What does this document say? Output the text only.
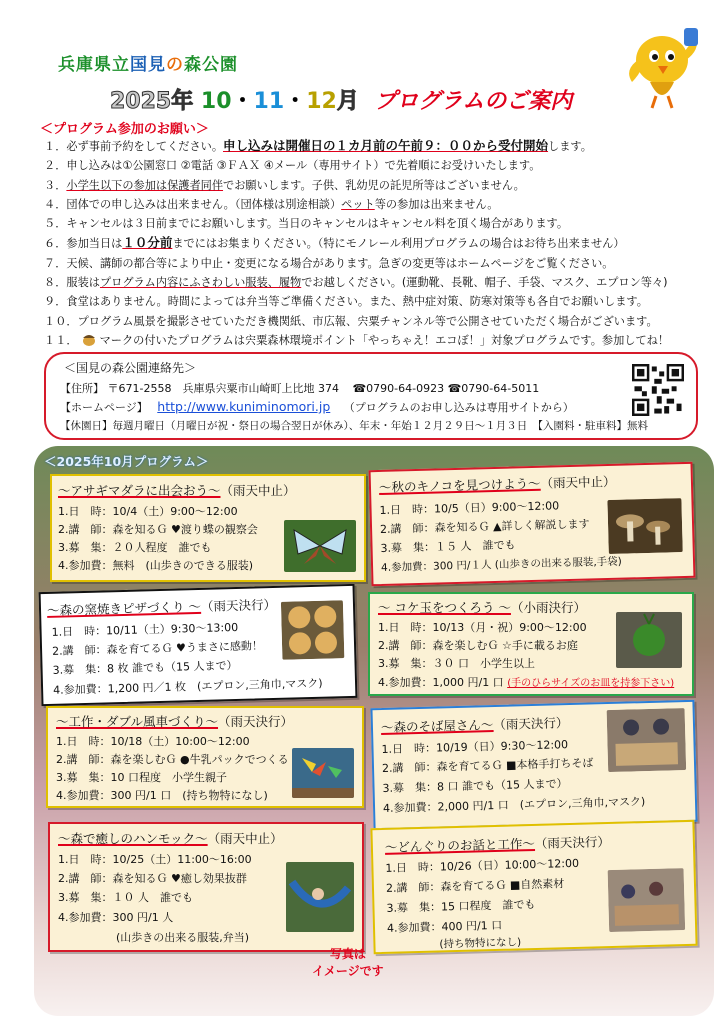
兵庫県立国見の森公園
2025年 10・11・12月 プログラムのご案内
＜プログラム参加のお願い＞
１．必ず事前予約をしてください。申し込みは開催日の１カ月前の午前９：００から受付開始します。
２．申し込みは①公園窓口 ②電話 ③ＦＡＸ ④メール（専用サイト）で先着順にお受けいたします。
３．小学生以下の参加は保護者同伴でお願いします。子供、乳幼児の託児所等はございません。
４．団体での申し込みは出来ません。（団体様は別途相談）ペット等の参加は出来ません。
５．キャンセルは３日前までにお願いします。当日のキャンセルはキャンセル料を頂く場合があります。
６．参加当日は１０分前までにはお集まりください。（特にモノレール利用プログラムの場合はお待ち出来ません）
７．天候、講師の都合等により中止・変更になる場合があります。急ぎの変更等はホームページをご覧ください。
８．服装はプログラム内容にふさわしい服装、履物でお越しください。(運動靴、長靴、帽子、手袋、マスク、エプロン等々)
９．食堂はありません。時間によっては弁当等ご準備ください。また、熱中症対策、防寒対策等も各自でお願いします。
１０．プログラム風景を撮影させていただき機関紙、市広報、宍粟チャンネル等で公開させていただく場合がございます。
１１． マークの付いたプログラムは宍粟森林環境ポイント「やっちゃえ！エコぼ！」対象プログラムです。参加してね！
＜国見の森公園連絡先＞
【住所】 〒671-2558　兵庫県宍粟市山崎町上比地 374 ☎0790-64-0923 ☎0790-64-5011
【ホームページ】 http://www.kuniminomori.jp （プログラムのお申し込みは専用サイトから）
【休園日】毎週月曜日（月曜日が祝・祭日の場合翌日が休み）、年末・年始１２月２９日～１月３日　【入園料・駐車料】無料
＜2025年10月プログラム＞
～アサギマダラに出会おう～（雨天中止）
1.日　時：10/4（土）9:00～12:00
2.講　師：森を知るＧ ♥渡り蝶の観察会
3.募　集：２０人程度　誰でも
4.参加費：無料　(山歩きのできる服装)
～秋のキノコを見つけよう～（雨天中止）
1.日　時：10/5（日）9:00～12:00
2.講　師：森を知るＧ ▲詳しく解説します
3.募　集：１５ 人　誰でも
4.参加費：300 円/１人 (山歩きの出来る服装,手袋)
～森の窯焼きピザづくり ～（雨天決行）
1.日　時：10/11（土）9:30～13:00
2.講　師：森を育てるＧ ♥うまさに感動！
3.募　集：8 枚 誰でも（15 人まで）
4.参加費：1,200 円／1 枚　(エプロン,三角巾,マスク)
～ コケ玉をつくろう ～（小雨決行）
1.日　時：10/13（月・祝）9:00～12:00
2.講　師：森を楽しむＧ ☆手に載るお庭
3.募　集：３０ 口　小学生以上
4.参加費：1,000 円/1 口 (手のひらサイズのお皿を持参下さい)
～工作・ダブル風車づくり～（雨天決行）
1.日　時：10/18（土）10:00～12:00
2.講　師：森を楽しむＧ ●牛乳パックでつくる
3.募　集：10 口程度　小学生親子
4.参加費：300 円/1 口　(持ち物特になし)
～森のそば屋さん～（雨天決行）
1.日　時：10/19（日）9:30～12:00
2.講　師：森を育てるＧ ■本格手打ちそば
3.募　集：8 口 誰でも（15 人まで）
4.参加費：2,000 円/1 口　(エプロン,三角巾,マスク)
～森で癒しのハンモック～（雨天中止）
1.日　時：10/25（土）11:00～16:00
2.講　師：森を知るＧ ♥癒し効果抜群
3.募　集：１０ 人　誰でも
4.参加費：300 円/1 人
(山歩きの出来る服装,弁当)
～どんぐりのお話と工作～（雨天決行）
1.日　時：10/26（日）10:00～12:00
2.講　師：森を育てるＧ ■自然素材
3.募　集：15 口程度　誰でも
4.参加費：400 円/1 口
(持ち物特になし)
写真は
イメージです
